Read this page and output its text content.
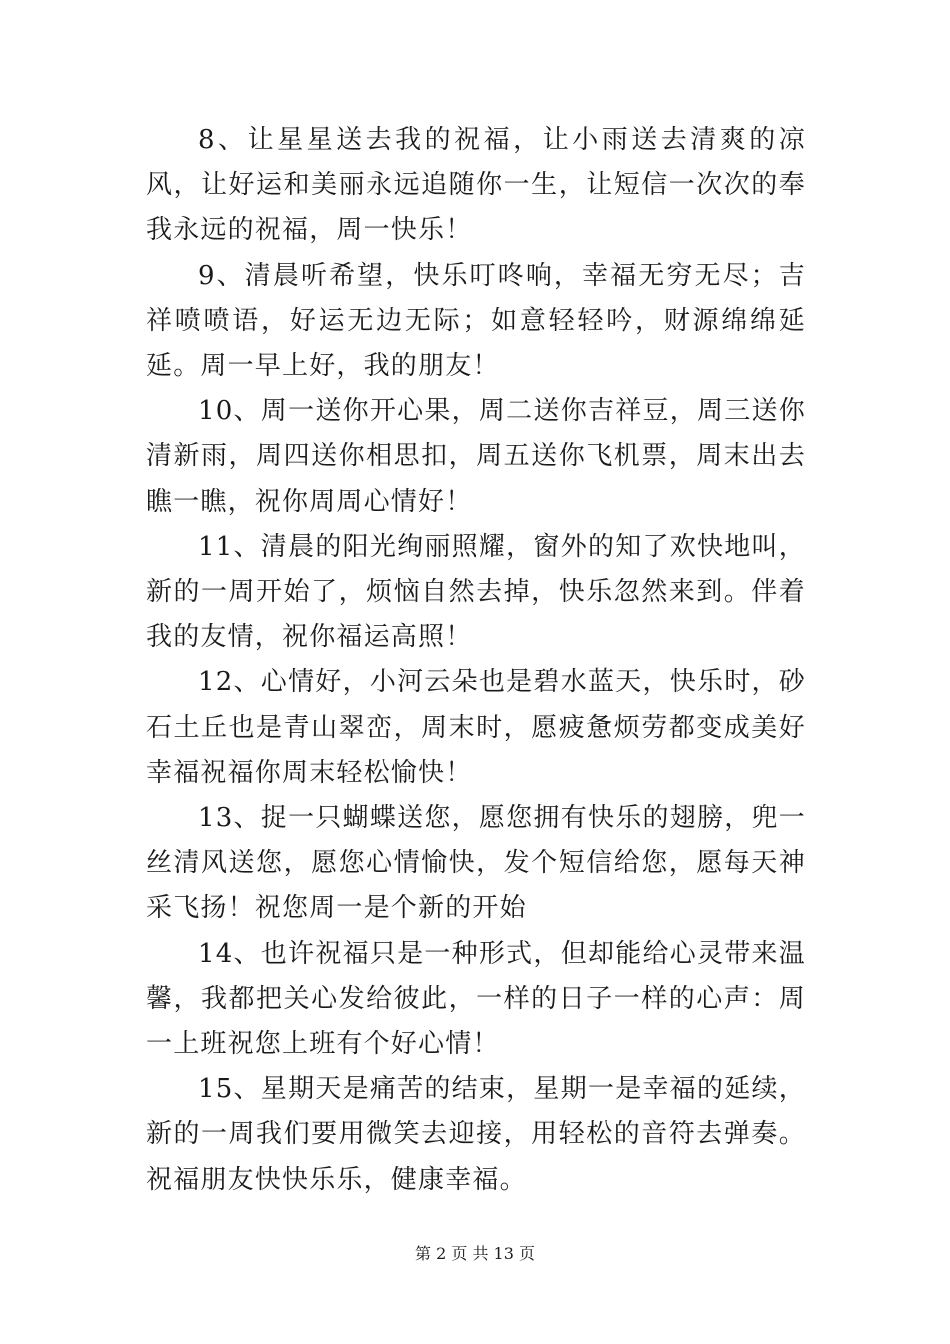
8、让星星送去我的祝福，让小雨送去清爽的凉风，让好运和美丽永远追随你一生，让短信一次次的奉我永远的祝福，周一快乐！

9、清晨听希望，快乐叮咚响，幸福无穷无尽；吉祥喷喷语，好运无边无际；如意轻轻吟，财源绵绵延延。周一早上好，我的朋友！

10、周一送你开心果，周二送你吉祥豆，周三送你清新雨，周四送你相思扣，周五送你飞机票，周末出去瞧一瞧，祝你周周心情好！

11、清晨的阳光绚丽照耀，窗外的知了欢快地叫，新的一周开始了，烦恼自然去掉，快乐忽然来到。伴着我的友情，祝你福运高照！

12、心情好，小河云朵也是碧水蓝天，快乐时，砂石土丘也是青山翠峦，周末时，愿疲惫烦劳都变成美好幸福祝福你周末轻松愉快！

13、捉一只蝴蝶送您，愿您拥有快乐的翅膀，兜一丝清风送您，愿您心情愉快，发个短信给您，愿每天神采飞扬！祝您周一是个新的开始

14、也许祝福只是一种形式，但却能给心灵带来温馨，我都把关心发给彼此，一样的日子一样的心声：周一上班祝您上班有个好心情！

15、星期天是痛苦的结束，星期一是幸福的延续，新的一周我们要用微笑去迎接，用轻松的音符去弹奏。祝福朋友快快乐乐，健康幸福。

第 2 页 共 13 页
